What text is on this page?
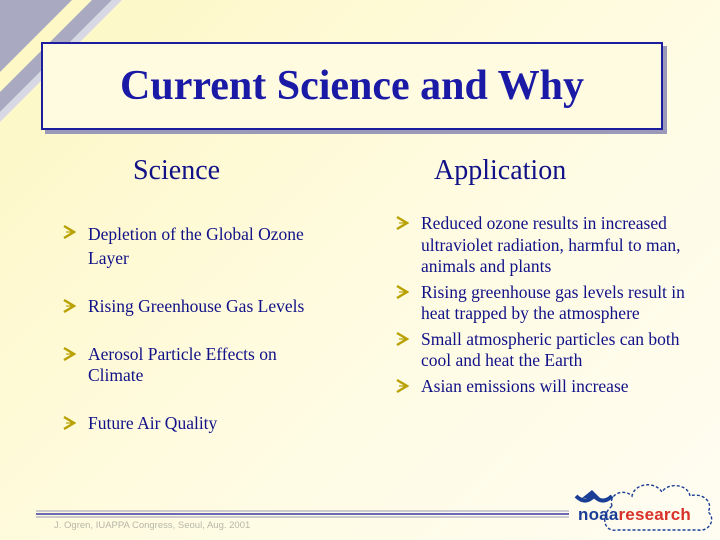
Current Science and Why
Science	Application
Depletion of the Global Ozone Layer
Rising Greenhouse Gas Levels
Aerosol Particle Effects on Climate
Future Air Quality
Reduced ozone results in increased ultraviolet radiation, harmful to man, animals and plants
Rising greenhouse gas levels result in heat trapped by the atmosphere
Small atmospheric particles can both cool and heat the Earth
Asian emissions will increase
J. Ogren, IUAPPA Congress, Seoul, Aug. 2001
noaaresearch
